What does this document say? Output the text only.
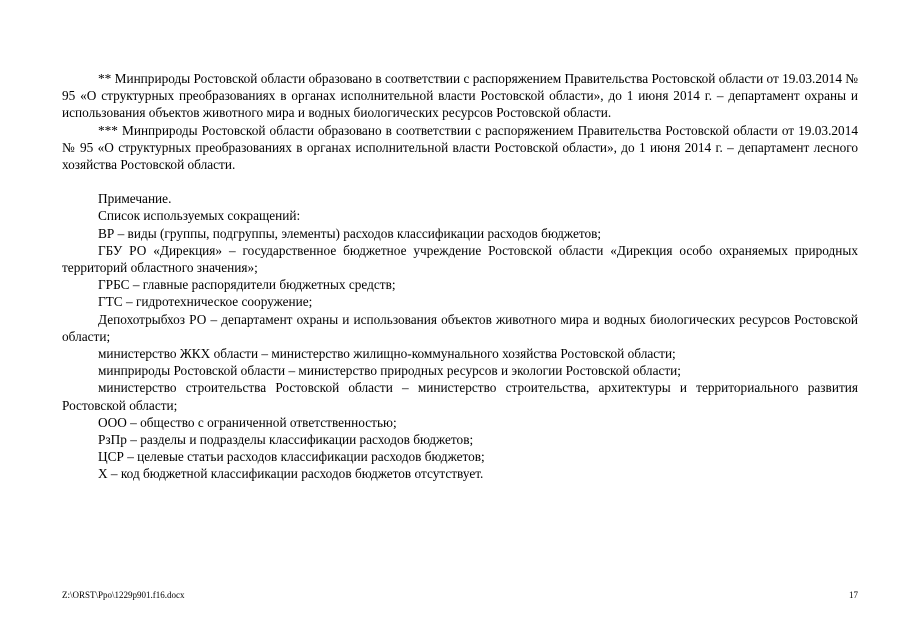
** Минприроды Ростовской области образовано в соответствии с распоряжением Правительства Ростовской области от 19.03.2014 № 95 «О структурных преобразованиях в органах исполнительной власти Ростовской области», до 1 июня 2014 г. – департамент охраны и использования объектов животного мира и водных биологических ресурсов Ростовской области.

*** Минприроды Ростовской области образовано в соответствии с распоряжением Правительства Ростовской области от 19.03.2014 № 95 «О структурных преобразованиях в органах исполнительной власти Ростовской области», до 1 июня 2014 г. – департамент лесного хозяйства Ростовской области.

Примечание.

Список используемых сокращений:

ВР – виды (группы, подгруппы, элементы) расходов классификации расходов бюджетов;

ГБУ РО «Дирекция» – государственное бюджетное учреждение Ростовской области «Дирекция особо охраняемых природных территорий областного значения»;

ГРБС – главные распорядители бюджетных средств;

ГТС – гидротехническое сооружение;

Депохотрыбхоз РО – департамент охраны и использования объектов животного мира и водных биологических ресурсов Ростовской области;

министерство ЖКХ области – министерство жилищно-коммунального хозяйства Ростовской области;

минприроды Ростовской области – министерство природных ресурсов и экологии Ростовской области;

министерство строительства Ростовской области – министерство строительства, архитектуры и территориального развития Ростовской области;

ООО – общество с ограниченной ответственностью;

РзПр – разделы и подразделы классификации расходов бюджетов;

ЦСР – целевые статьи расходов классификации расходов бюджетов;

Х – код бюджетной классификации расходов бюджетов отсутствует.

Z:\ORST\Ppo\1229p901.f16.docx	17
